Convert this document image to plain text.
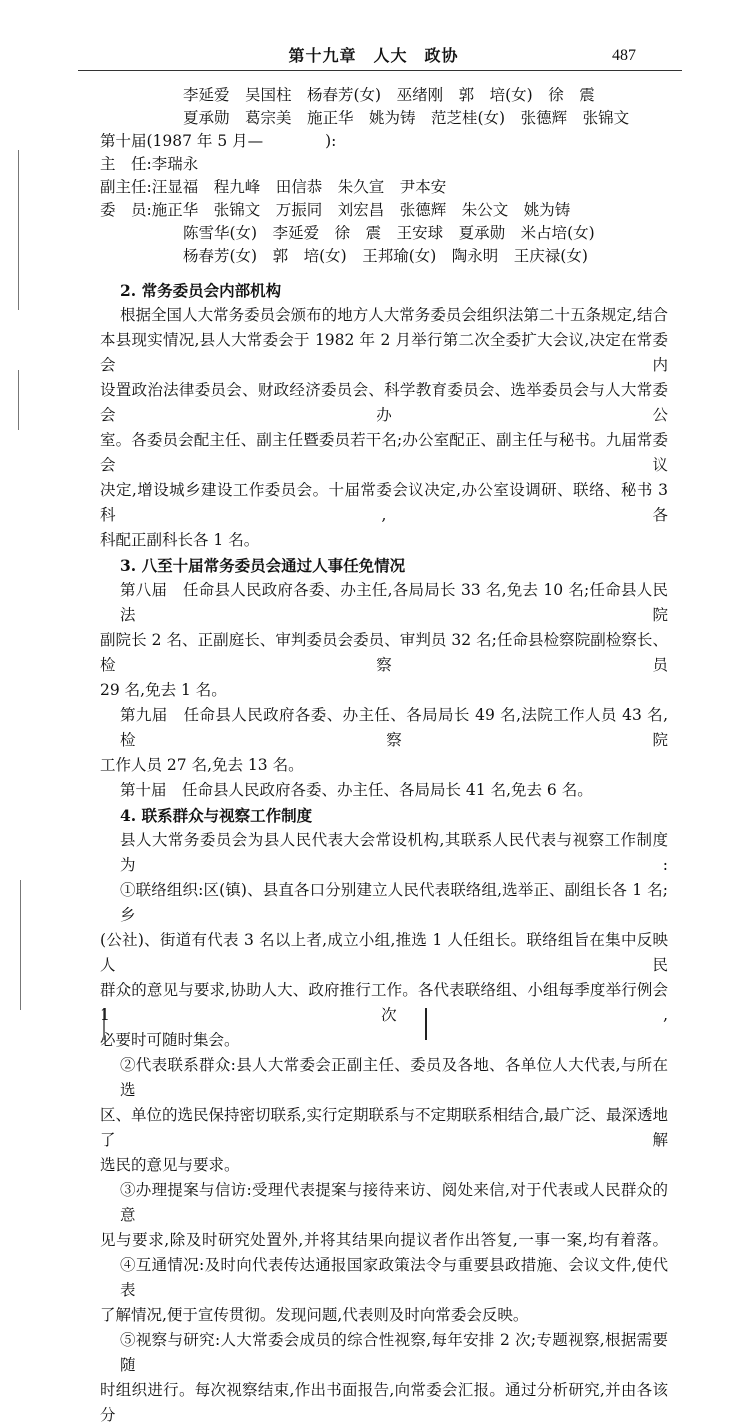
第十九章　人大　政协	487
李延爱　吴国柱　杨春芳(女)　巫绪刚　郭　培(女)　徐　震
夏承勋　葛宗美　施正华　姚为铸　范芝桂(女)　张德辉　张锦文
第十届(1987 年 5 月—　　　　):
主　任:李瑞永
副主任:汪显福　程九峰　田信恭　朱久宣　尹本安
委　员:施正华　张锦文　万振同　刘宏昌　张德辉　朱公文　姚为铸
陈雪华(女)　李延爱　徐　震　王安球　夏承勋　米占培(女)
杨春芳(女)　郭　培(女)　王邦瑜(女)　陶永明　王庆禄(女)
2. 常务委员会内部机构
根据全国人大常务委员会颁布的地方人大常务委员会组织法第二十五条规定,结合
本县现实情况,县人大常委会于 1982 年 2 月举行第二次全委扩大会议,决定在常委会内
设置政治法律委员会、财政经济委员会、科学教育委员会、选举委员会与人大常委会办公
室。各委员会配主任、副主任暨委员若干名;办公室配正、副主任与秘书。九届常委会议
决定,增设城乡建设工作委员会。十届常委会议决定,办公室设调研、联络、秘书 3 科,各
科配正副科长各 1 名。
3. 八至十届常务委员会通过人事任免情况
第八届　任命县人民政府各委、办主任,各局局长 33 名,免去 10 名;任命县人民法院
副院长 2 名、正副庭长、审判委员会委员、审判员 32 名;任命县检察院副检察长、检察员
29 名,免去 1 名。
第九届　任命县人民政府各委、办主任、各局局长 49 名,法院工作人员 43 名,检察院
工作人员 27 名,免去 13 名。
第十届　任命县人民政府各委、办主任、各局局长 41 名,免去 6 名。
4. 联系群众与视察工作制度
县人大常务委员会为县人民代表大会常设机构,其联系人民代表与视察工作制度为:
①联络组织:区(镇)、县直各口分别建立人民代表联络组,选举正、副组长各 1 名;乡
(公社)、街道有代表 3 名以上者,成立小组,推选 1 人任组长。联络组旨在集中反映人民
群众的意见与要求,协助人大、政府推行工作。各代表联络组、小组每季度举行例会 1 次,
必要时可随时集会。
②代表联系群众:县人大常委会正副主任、委员及各地、各单位人大代表,与所在选
区、单位的选民保持密切联系,实行定期联系与不定期联系相结合,最广泛、最深透地了解
选民的意见与要求。
③办理提案与信访:受理代表提案与接待来访、阅处来信,对于代表或人民群众的意
见与要求,除及时研究处置外,并将其结果向提议者作出答复,一事一案,均有着落。
④互通情况:及时向代表传达通报国家政策法令与重要县政措施、会议文件,使代表
了解情况,便于宣传贯彻。发现问题,代表则及时向常委会反映。
⑤视察与研究:人大常委会成员的综合性视察,每年安排 2 次;专题视察,根据需要随
时组织进行。每次视察结束,作出书面报告,向常委会汇报。通过分析研究,并由各该分
